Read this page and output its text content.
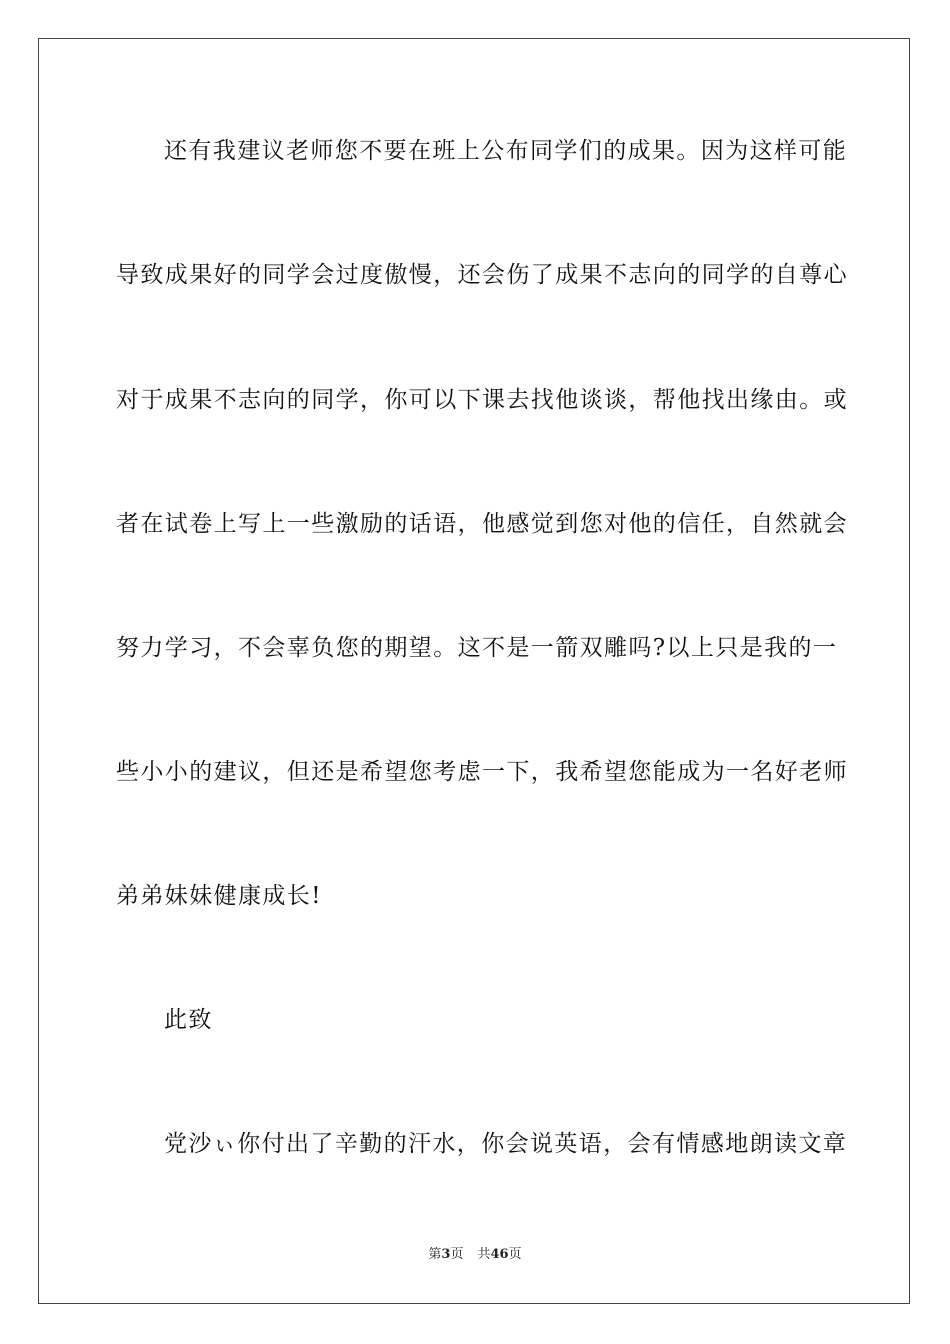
还有我建议老师您不要在班上公布同学们的成果。因为这样可能
导致成果好的同学会过度傲慢，还会伤了成果不志向的同学的自尊心
对于成果不志向的同学，你可以下课去找他谈谈，帮他找出缘由。或
者在试卷上写上一些激励的话语，他感觉到您对他的信任，自然就会
努力学习，不会辜负您的期望。这不是一箭双雕吗?以上只是我的一
些小小的建议，但还是希望您考虑一下，我希望您能成为一名好老师
弟弟妹妹健康成长!
此致
党沙ぃ你付出了辛勤的汗水，你会说英语，会有情感地朗读文章
第3页 共46页
